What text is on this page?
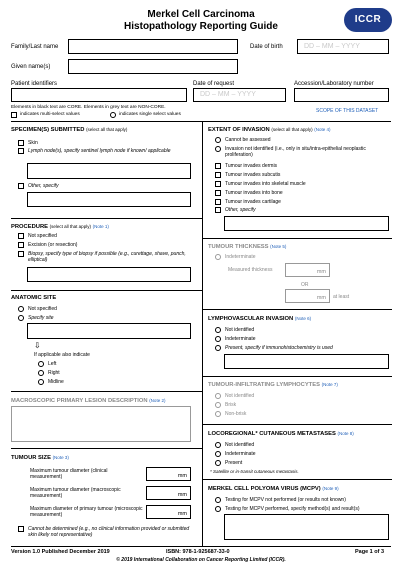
Merkel Cell Carcinoma
Histopathology Reporting Guide
ICCR
Family/Last name	Date of birth	DD – MM – YYYY
Given name(s)
Patient identifiers	Date of request
DD – MM – YYYY
Accession/Laboratory number
Elements in black text are CORE. Elements in grey text are NON-CORE.
SCOPE OF THIS DATASET
indicates multi-select values	indicates single select values
SPECIMEN(S) SUBMITTED (select all that apply)
Skin
Lymph node(s), specify sentinel lymph node if known/ applicable
Other, specify
PROCEDURE (select all that apply) (Note 1)
Not specified
Excision (or resection)
Biopsy, specify type of biopsy if possible (e.g., curettage, shave, punch, elliptical)
ANATOMIC SITE
Not specified
Specify site
⇩
If applicable also indicate
Left
Right
Midline
MACROSCOPIC PRIMARY LESION DESCRIPTION (Note 2)
TUMOUR SIZE (Note 3)
Maximum tumour diameter (clinical measurement)	mm
Maximum tumour diameter (macroscopic measurement)	mm
Maximum diameter of primary tumour (microscopic measurement)	mm
Cannot be determined (e.g., no clinical information provided or submitted skin likely not representative)
EXTENT OF INVASION (select all that apply) (Note 4)
Cannot be assessed
Invasion not identified (i.e., only in situ/intra-epithelial neoplastic proliferation)
Tumour invades dermis
Tumour invades subcutis
Tumour invades into skeletal muscle
Tumour invades into bone
Tumour invades cartilage
Other, specify
TUMOUR THICKNESS (Note 5)
Indeterminate
Measured thickness	mm
OR
mm at least
LYMPHOVASCULAR INVASION (Note 6)
Not identified
Indeterminate
Present, specify if immunohistochemistry is used
TUMOUR-INFILTRATING LYMPHOCYTES (Note 7)
Not identified
Brisk
Non-brisk
LOCOREGIONAL* CUTANEOUS METASTASES (Note 8)
Not identified
Indeterminate
Present
* Satellite or in-transit cutaneous metastasis.
MERKEL CELL POLYOMA VIRUS (MCPV) (Note 9)
Testing for MCPV not performed (or results not known)
Testing for MCPV performed, specify method(s) and result(s)
Version 1.0 Published December 2019	ISBN: 978-1-925687-33-0	Page 1 of 3
© 2019 International Collaboration on Cancer Reporting Limited (ICCR).
